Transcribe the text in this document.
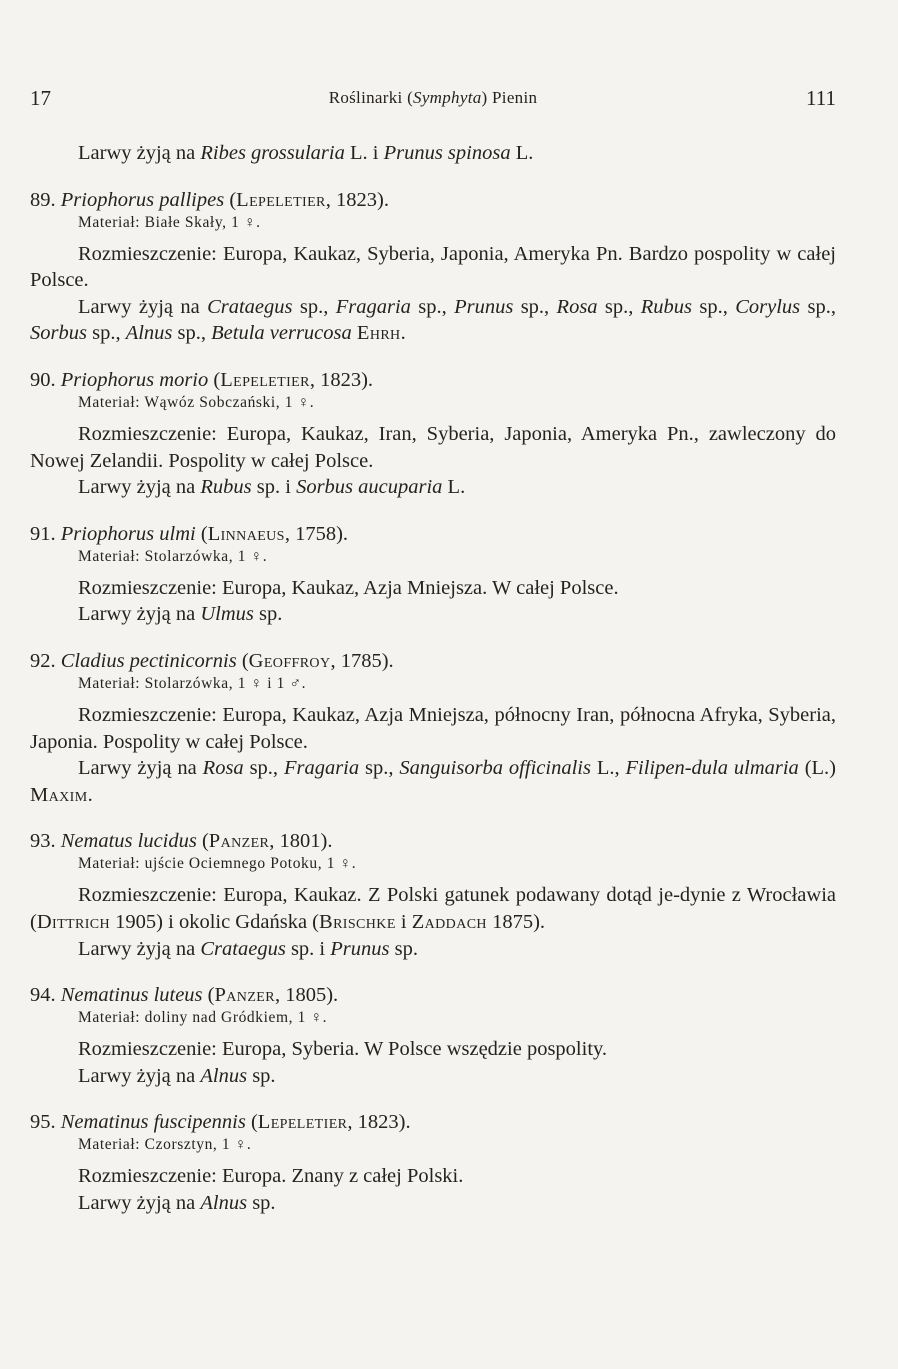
17	Roślinarki (Symphyta) Pienin	111

Larwy żyją na Ribes grossularia L. i Prunus spinosa L.

89. Priophorus pallipes (Lepeletier, 1823).

Materiał: Białe Skały, 1 ♀.

Rozmieszczenie: Europa, Kaukaz, Syberia, Japonia, Ameryka Pn. Bardzo pospolity w całej Polsce.

Larwy żyją na Crataegus sp., Fragaria sp., Prunus sp., Rosa sp., Rubus sp., Corylus sp., Sorbus sp., Alnus sp., Betula verrucosa Ehrh.

90. Priophorus morio (Lepeletier, 1823).

Materiał: Wąwóz Sobczański, 1 ♀.

Rozmieszczenie: Europa, Kaukaz, Iran, Syberia, Japonia, Ameryka Pn., zawleczony do Nowej Zelandii. Pospolity w całej Polsce.

Larwy żyją na Rubus sp. i Sorbus aucuparia L.

91. Priophorus ulmi (Linnaeus, 1758).

Materiał: Stolarzówka, 1 ♀.

Rozmieszczenie: Europa, Kaukaz, Azja Mniejsza. W całej Polsce.

Larwy żyją na Ulmus sp.

92. Cladius pectinicornis (Geoffroy, 1785).

Materiał: Stolarzówka, 1 ♀ i 1 ♂.

Rozmieszczenie: Europa, Kaukaz, Azja Mniejsza, północny Iran, północna Afryka, Syberia, Japonia. Pospolity w całej Polsce.

Larwy żyją na Rosa sp., Fragaria sp., Sanguisorba officinalis L., Filipen-dula ulmaria (L.) Maxim.

93. Nematus lucidus (Panzer, 1801).

Materiał: ujście Ociemnego Potoku, 1 ♀.

Rozmieszczenie: Europa, Kaukaz. Z Polski gatunek podawany dotąd je-dynie z Wrocławia (Dittrich 1905) i okolic Gdańska (Brischke i Zaddach 1875).

Larwy żyją na Crataegus sp. i Prunus sp.

94. Nematinus luteus (Panzer, 1805).

Materiał: doliny nad Gródkiem, 1 ♀.

Rozmieszczenie: Europa, Syberia. W Polsce wszędzie pospolity.

Larwy żyją na Alnus sp.

95. Nematinus fuscipennis (Lepeletier, 1823).

Materiał: Czorsztyn, 1 ♀.

Rozmieszczenie: Europa. Znany z całej Polski.

Larwy żyją na Alnus sp.
